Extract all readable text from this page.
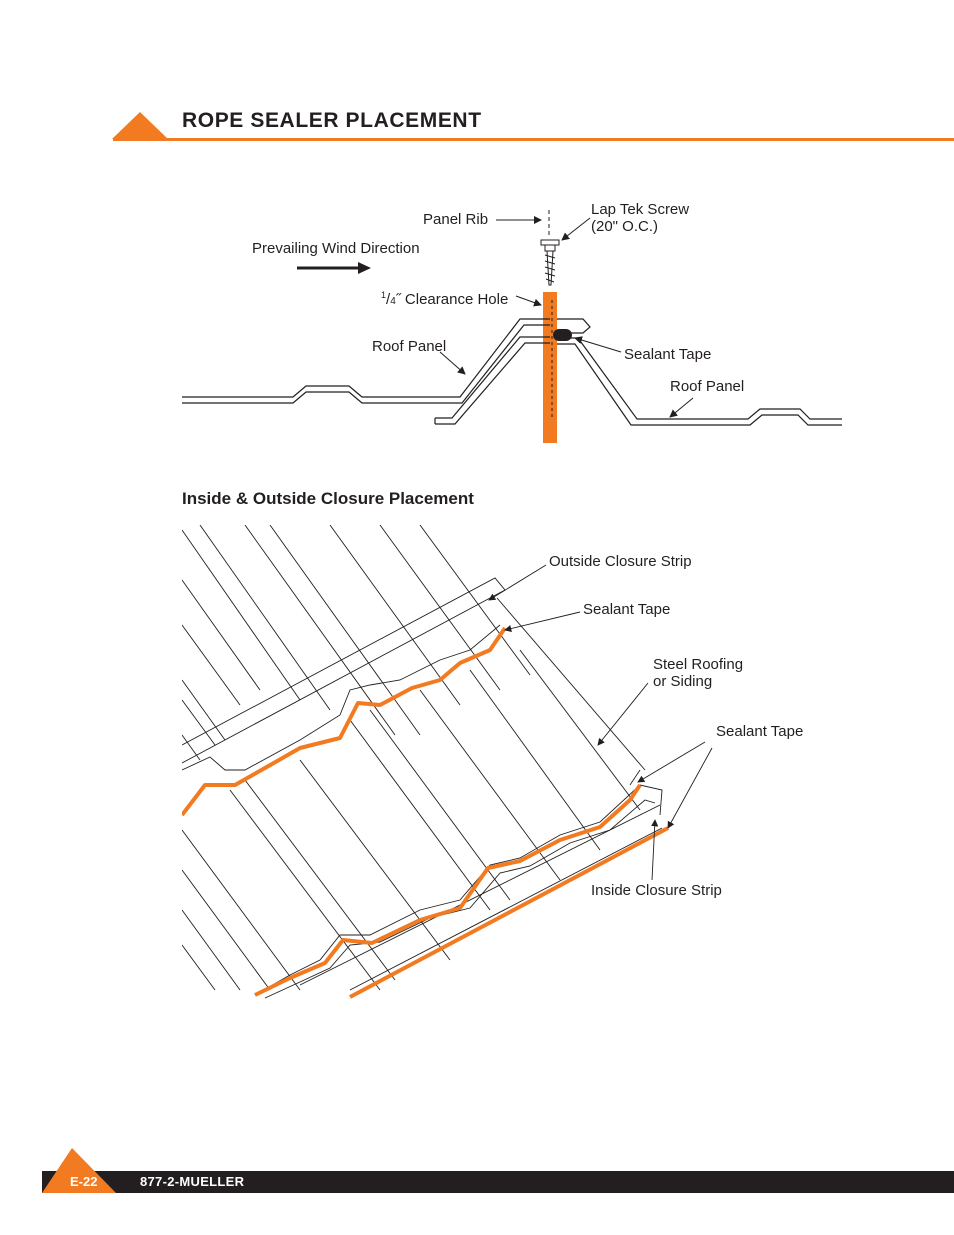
ROPE SEALER PLACEMENT
Panel Rib
Lap Tek Screw
(20" O.C.)
Prevailing Wind Direction
$^1$/4˝ Clearance Hole
Roof Panel	Sealant Tape
Roof Panel
Inside & Outside Closure Placement
Outside Closure Strip
Sealant Tape
Steel Roofing
or Siding
Sealant Tape
Inside Closure Strip
E-22	877-2-MUELLER
